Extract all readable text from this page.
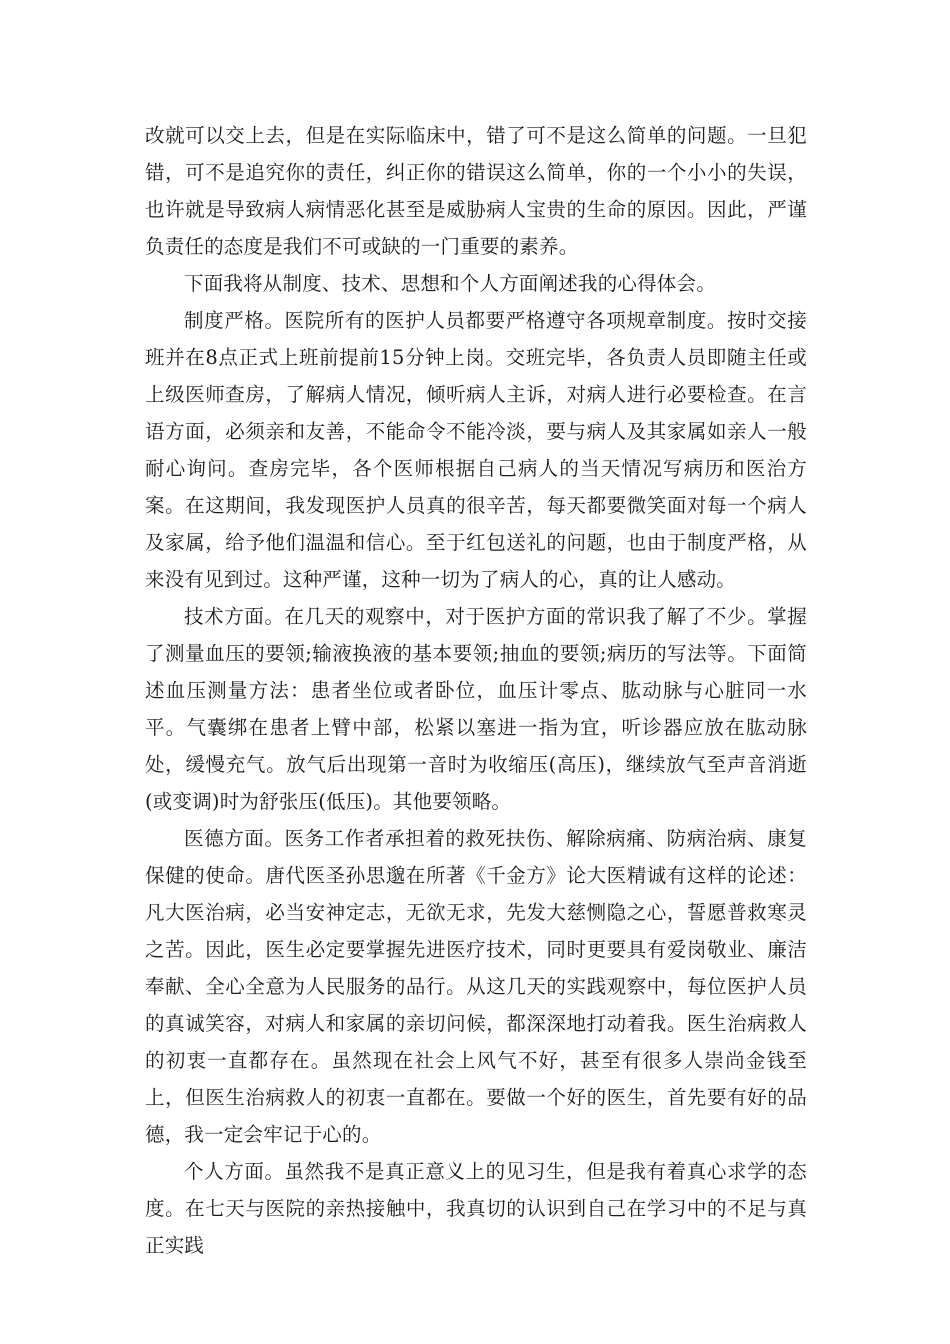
改就可以交上去，但是在实际临床中，错了可不是这么简单的问题。一旦犯错，可不是追究你的责任，纠正你的错误这么简单，你的一个小小的失误，也许就是导致病人病情恶化甚至是威胁病人宝贵的生命的原因。因此，严谨负责任的态度是我们不可或缺的一门重要的素养。

下面我将从制度、技术、思想和个人方面阐述我的心得体会。

制度严格。医院所有的医护人员都要严格遵守各项规章制度。按时交接班并在8点正式上班前提前15分钟上岗。交班完毕，各负责人员即随主任或上级医师查房，了解病人情况，倾听病人主诉，对病人进行必要检查。在言语方面，必须亲和友善，不能命令不能冷淡，要与病人及其家属如亲人一般耐心询问。查房完毕，各个医师根据自己病人的当天情况写病历和医治方案。在这期间，我发现医护人员真的很辛苦，每天都要微笑面对每一个病人及家属，给予他们温温和信心。至于红包送礼的问题，也由于制度严格，从来没有见到过。这种严谨，这种一切为了病人的心，真的让人感动。

技术方面。在几天的观察中，对于医护方面的常识我了解了不少。掌握了测量血压的要领;输液换液的基本要领;抽血的要领;病历的写法等。下面简述血压测量方法：患者坐位或者卧位，血压计零点、肱动脉与心脏同一水平。气囊绑在患者上臂中部，松紧以塞进一指为宜，听诊器应放在肱动脉处，缓慢充气。放气后出现第一音时为收缩压(高压)，继续放气至声音消逝(或变调)时为舒张压(低压)。其他要领略。

医德方面。医务工作者承担着的救死扶伤、解除病痛、防病治病、康复保健的使命。唐代医圣孙思邈在所著《千金方》论大医精诚有这样的论述：凡大医治病，必当安神定志，无欲无求，先发大慈恻隐之心，誓愿普救寒灵之苦。因此，医生必定要掌握先进医疗技术，同时更要具有爱岗敬业、廉洁奉献、全心全意为人民服务的品行。从这几天的实践观察中，每位医护人员的真诚笑容，对病人和家属的亲切问候，都深深地打动着我。医生治病救人的初衷一直都存在。虽然现在社会上风气不好，甚至有很多人崇尚金钱至上，但医生治病救人的初衷一直都在。要做一个好的医生，首先要有好的品德，我一定会牢记于心的。

个人方面。虽然我不是真正意义上的见习生，但是我有着真心求学的态度。在七天与医院的亲热接触中，我真切的认识到自己在学习中的不足与真正实践
